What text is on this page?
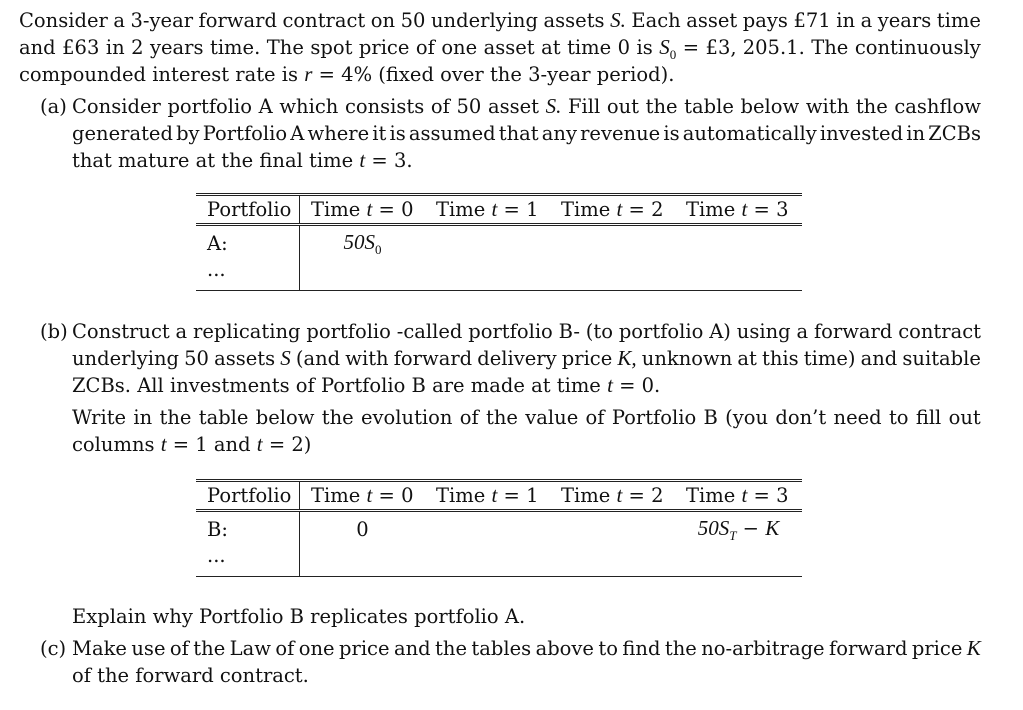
Consider a 3-year forward contract on 50 underlying assets S. Each asset pays £71 in a years time
and £63 in 2 years time. The spot price of one asset at time 0 is $S_0$ = £3, 205.1. The continuously
compounded interest rate is r = 4% (fixed over the 3-year period).
(a) Consider portfolio A which consists of 50 asset S. Fill out the table below with the cashflow
generated by Portfolio A where it is assumed that any revenue is automatically invested in ZCBs
that mature at the final time t = 3.
Portfolio	Time t = 0	Time t = 1	Time t = 2	Time t = 3
A:	$50S_0$			
...				
(b) Construct a replicating portfolio -called portfolio B- (to portfolio A) using a forward contract
underlying 50 assets S (and with forward delivery price K, unknown at this time) and suitable
ZCBs. All investments of Portfolio B are made at time t = 0.
Write in the table below the evolution of the value of Portfolio B (you don’t need to fill out
columns t = 1 and t = 2)
Portfolio	Time t = 0	Time t = 1	Time t = 2	Time t = 3
B:	0			$50S_T - K$
...				
Explain why Portfolio B replicates portfolio A.
(c) Make use of the Law of one price and the tables above to find the no-arbitrage forward price K
of the forward contract.
